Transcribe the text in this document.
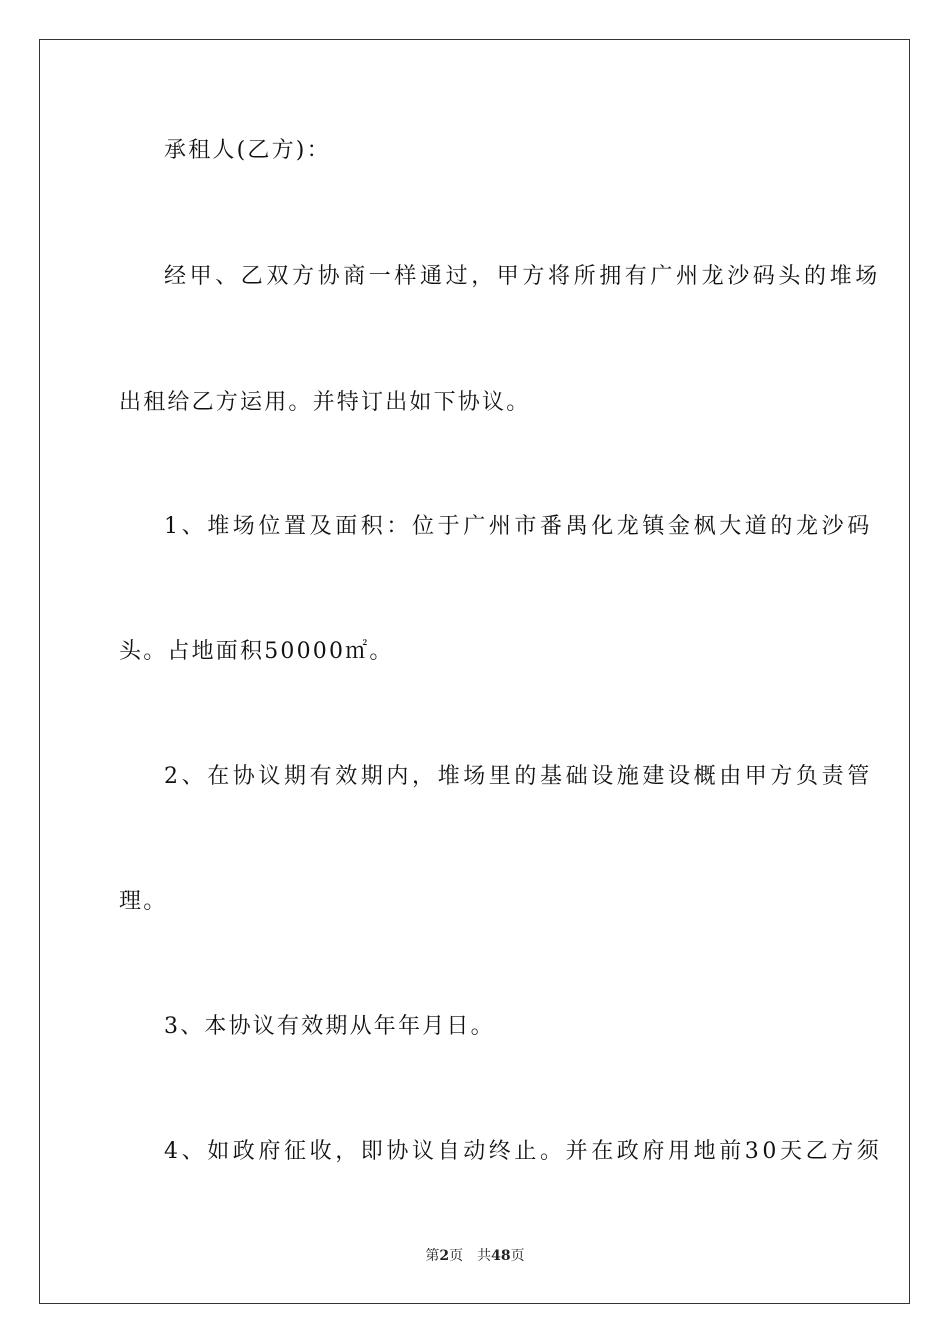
承租人(乙方)：
经甲、乙双方协商一样通过，甲方将所拥有广州龙沙码头的堆场
出租给乙方运用。并特订出如下协议。
1、堆场位置及面积：位于广州市番禺化龙镇金枫大道的龙沙码
头。占地面积50000㎡。
2、在协议期有效期内，堆场里的基础设施建设概由甲方负责管
理。
3、本协议有效期从年年月日。
4、如政府征收，即协议自动终止。并在政府用地前30天乙方须
第2页 共48页
